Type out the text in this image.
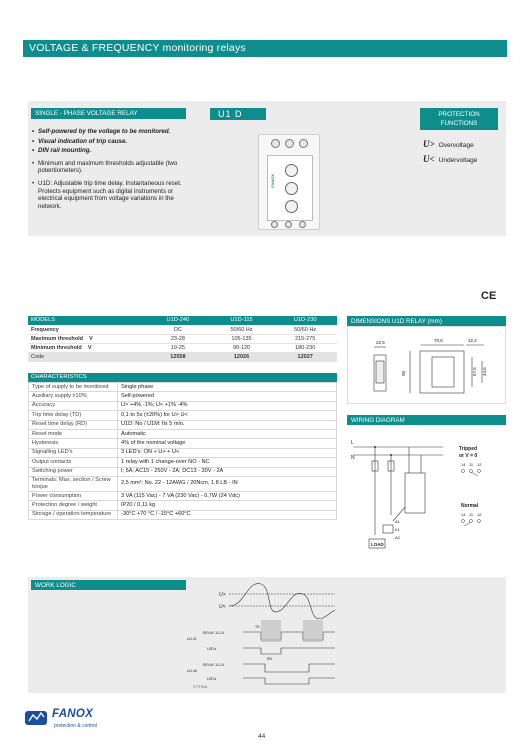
VOLTAGE & FREQUENCY monitoring relays
SINGLE - PHASE VOLTAGE RELAY	U1 D
• Self-powered by the voltage to be monitored.
• Visual indication of trip cause.
• DIN rail mounting.
• Minimum and maximum thresholds adjustable (two potentiometers).
• U1D: Adjustable trip time delay. Instantaneous reset. Protects equipment such as digital instruments or electrical equipment from voltage variations in the network.
FANOX
PROTECTION
FUNCTIONS
U> Overvoltage
U< Undervoltage
CE
MODELS	U1D-240	U1D-115	U1D-230
Frequency	DC	50/60 Hz	50/60 Hz
Maximum threshold V	23-28	105-135	215-275
Minimum threshold V	19-25	90-120	180-230
Code	12558	12026	12027
CHARACTERISTICS
Type of supply to be monitored	Single phase
Auxiliary supply ±10%	Self-powered
Accuracy	U> +4% -1%; U< +1% -4%
Trip time delay (TD)	0,1 to 5s (±20%) for U> U<
Reset time delay (RD)	U1D: No / U1M: fix 5 min.
Reset mode	Automatic
Hysteresis	4% of the nominal voltage
Signalling LED's	3 LED's: ON + U> + U<
Output contacts	1 relay with 1 change-over NO - NC
Switching power	I; 5A; AC15 - 250V - 2A; DC13 - 30V - 2A
Terminals: Max. section / Screw torque	2,5 mm²; No. 22 - 12AWG / 20Ncm, 1.8 LB - IN
Power consumption	3 VA (115 Vac) - 7 VA (230 Vac) - 0,7W (24 Vdc)
Protection degree / weight	IP20 / 0,11 kg
Storage / operation temperature	-30°C +70 °C / -15°C +60°C
DIMENSIONS U1D RELAY (mm)
22,5	70,5	32,4
90	57,5 44,6
WIRING DIAGRAM
L
N
Tripped
or V = 0
14 11 12
Normal
14 11 12
A1
K1
A2
LOAD
WORK LOGIC
U>
U<
U1-D
RELAY 11-14
LED's
U1-M
RELAY 11-14
LED's
TD
RD
© FTO04
FANOX
protection & control
44
